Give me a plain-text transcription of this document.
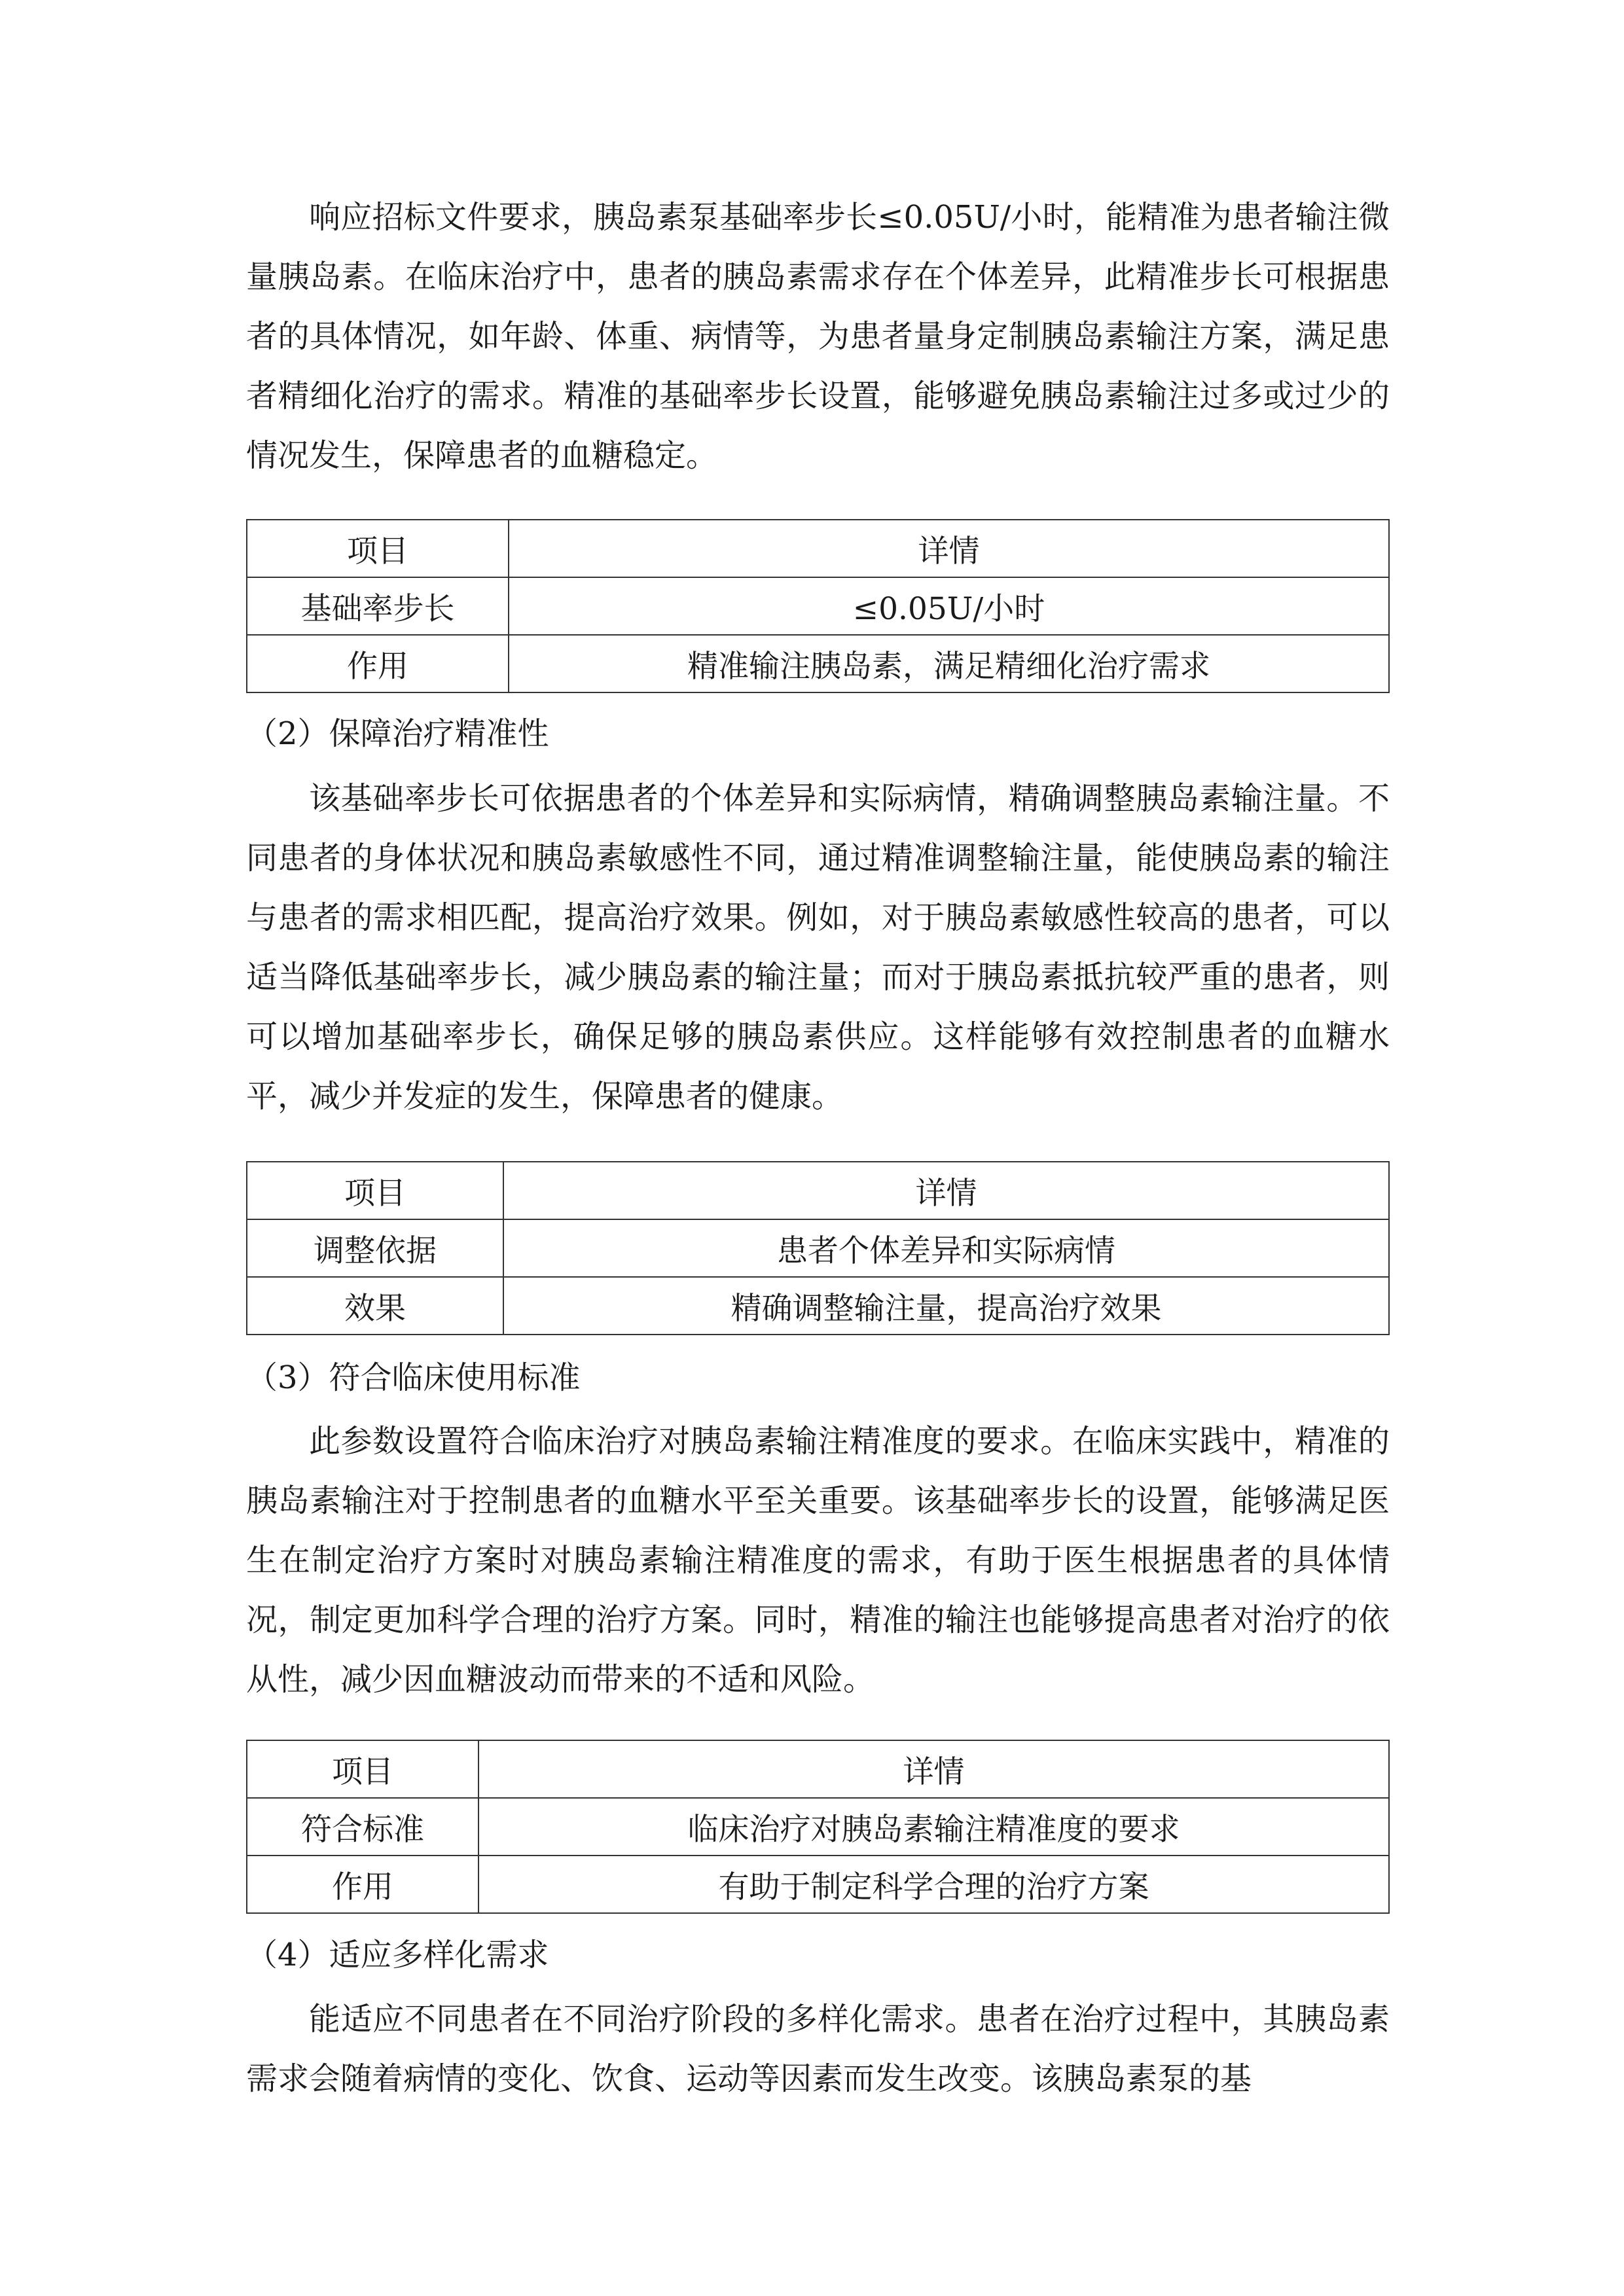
响应招标文件要求，胰岛素泵基础率步长≤0.05U/小时，能精准为患者输注微量胰岛素。在临床治疗中，患者的胰岛素需求存在个体差异，此精准步长可根据患者的具体情况，如年龄、体重、病情等，为患者量身定制胰岛素输注方案，满足患者精细化治疗的需求。精准的基础率步长设置，能够避免胰岛素输注过多或过少的情况发生，保障患者的血糖稳定。

项目	详情
基础率步长	≤0.05U/小时
作用	精准输注胰岛素，满足精细化治疗需求

（2）保障治疗精准性

该基础率步长可依据患者的个体差异和实际病情，精确调整胰岛素输注量。不同患者的身体状况和胰岛素敏感性不同，通过精准调整输注量，能使胰岛素的输注与患者的需求相匹配，提高治疗效果。例如，对于胰岛素敏感性较高的患者，可以适当降低基础率步长，减少胰岛素的输注量；而对于胰岛素抵抗较严重的患者，则可以增加基础率步长，确保足够的胰岛素供应。这样能够有效控制患者的血糖水平，减少并发症的发生，保障患者的健康。

项目	详情
调整依据	患者个体差异和实际病情
效果	精确调整输注量，提高治疗效果

（3）符合临床使用标准

此参数设置符合临床治疗对胰岛素输注精准度的要求。在临床实践中，精准的胰岛素输注对于控制患者的血糖水平至关重要。该基础率步长的设置，能够满足医生在制定治疗方案时对胰岛素输注精准度的需求，有助于医生根据患者的具体情况，制定更加科学合理的治疗方案。同时，精准的输注也能够提高患者对治疗的依从性，减少因血糖波动而带来的不适和风险。

项目	详情
符合标准	临床治疗对胰岛素输注精准度的要求
作用	有助于制定科学合理的治疗方案

（4）适应多样化需求

能适应不同患者在不同治疗阶段的多样化需求。患者在治疗过程中，其胰岛素需求会随着病情的变化、饮食、运动等因素而发生改变。该胰岛素泵的基
